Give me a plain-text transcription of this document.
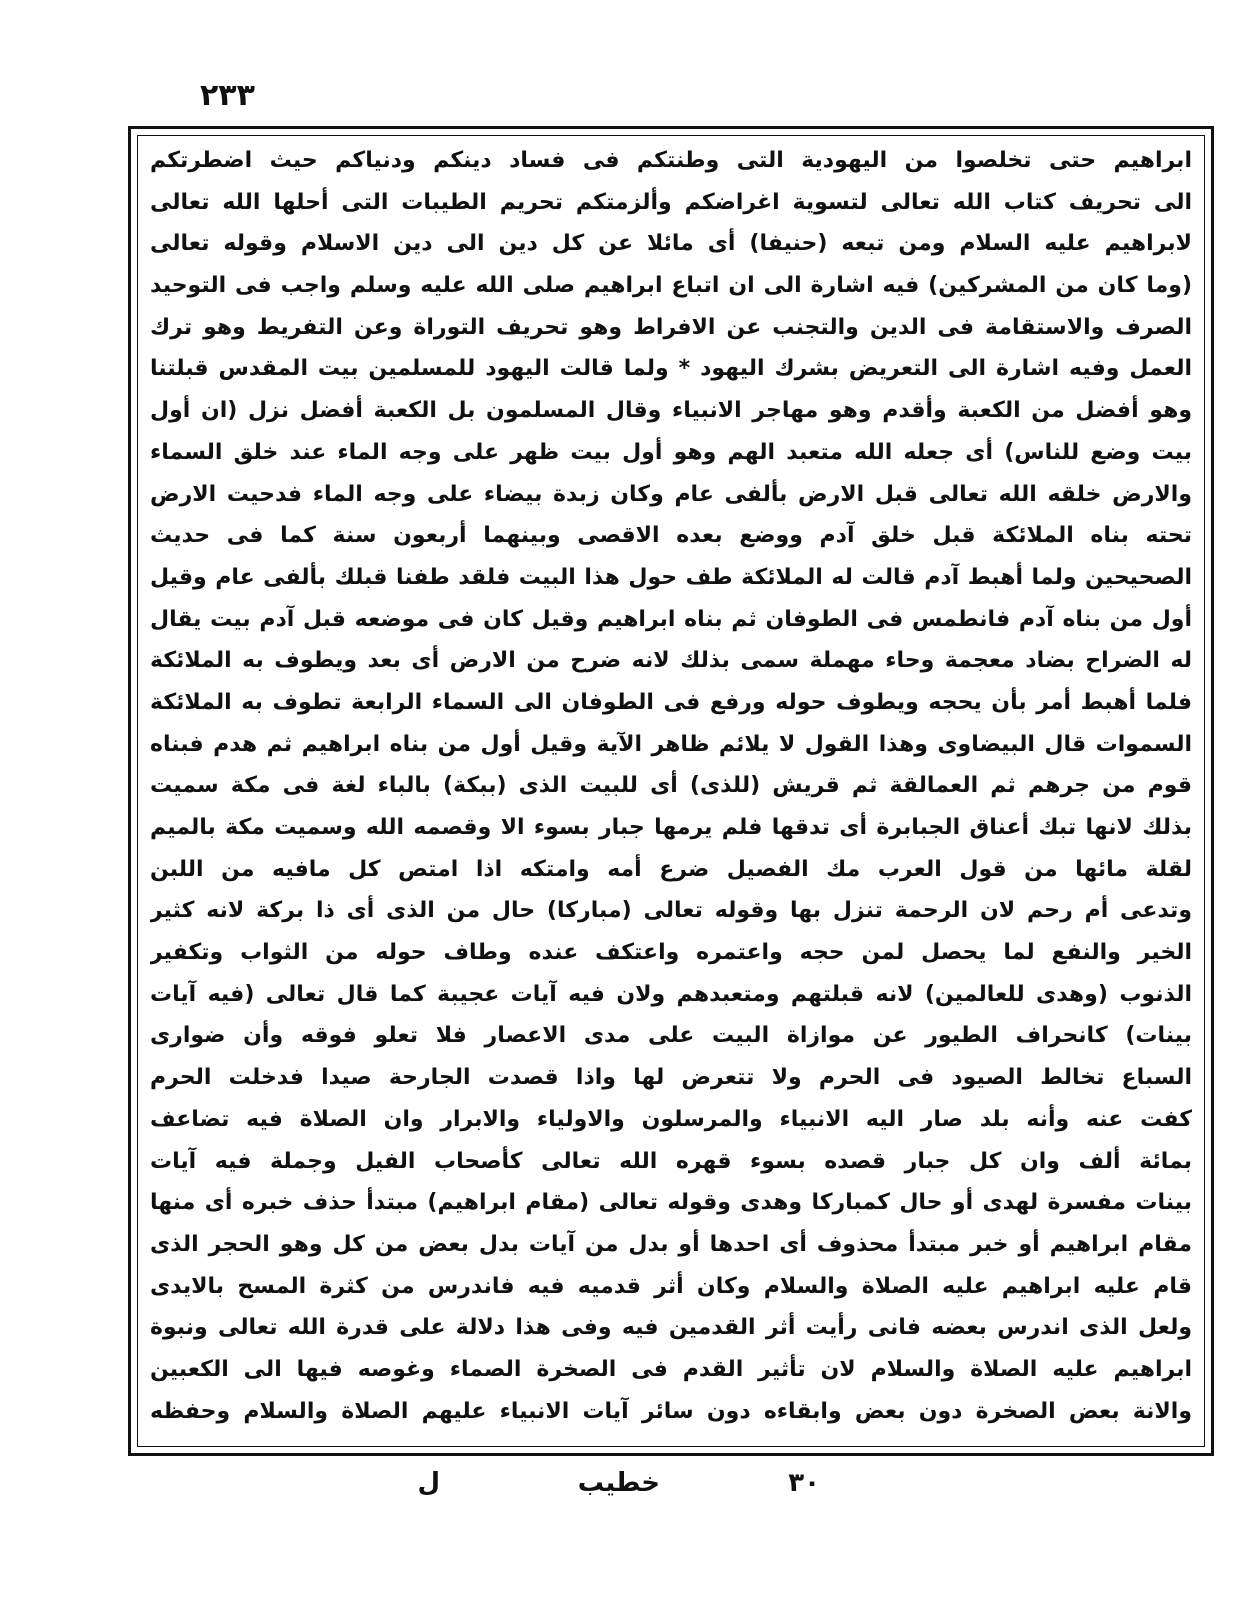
٢٣٣
ابراهيم حتى تخلصوا من اليهودية التى وطنتكم فى فساد دينكم ودنياكم حيث اضطرتكم
الى تحريف كتاب الله تعالى لتسوية اغراضكم وألزمتكم تحريم الطيبات التى أحلها الله تعالى
لابراهيم عليه السلام ومن تبعه (حنيفا) أى مائلا عن كل دين الى دين الاسلام وقوله تعالى
(وما كان من المشركين) فيه اشارة الى ان اتباع ابراهيم صلى الله عليه وسلم واجب فى التوحيد
الصرف والاستقامة فى الدين والتجنب عن الافراط وهو تحريف التوراة وعن التفريط وهو ترك
العمل وفيه اشارة الى التعريض بشرك اليهود * ولما قالت اليهود للمسلمين بيت المقدس قبلتنا
وهو أفضل من الكعبة وأقدم وهو مهاجر الانبياء وقال المسلمون بل الكعبة أفضل نزل (ان أول
بيت وضع للناس) أى جعله الله متعبد الهم وهو أول بيت ظهر على وجه الماء عند خلق السماء
والارض خلقه الله تعالى قبل الارض بألفى عام وكان زبدة بيضاء على وجه الماء فدحيت الارض
تحته بناه الملائكة قبل خلق آدم ووضع بعده الاقصى وبينهما أربعون سنة كما فى حديث
الصحيحين ولما أهبط آدم قالت له الملائكة طف حول هذا البيت فلقد طفنا قبلك بألفى عام وقيل
أول من بناه آدم فانطمس فى الطوفان ثم بناه ابراهيم وقيل كان فى موضعه قبل آدم بيت يقال
له الضراح بضاد معجمة وحاء مهملة سمى بذلك لانه ضرح من الارض أى بعد ويطوف به الملائكة
فلما أهبط أمر بأن يحجه ويطوف حوله ورفع فى الطوفان الى السماء الرابعة تطوف به الملائكة
السموات قال البيضاوى وهذا القول لا يلائم ظاهر الآية وقيل أول من بناه ابراهيم ثم هدم فبناه
قوم من جرهم ثم العمالقة ثم قريش (للذى) أى للبيت الذى (ببكة) بالباء لغة فى مكة سميت
بذلك لانها تبك أعناق الجبابرة أى تدقها فلم يرمها جبار بسوء الا وقصمه الله وسميت مكة بالميم
لقلة مائها من قول العرب مك الفصيل ضرع أمه وامتكه اذا امتص كل مافيه من اللبن
وتدعى أم رحم لان الرحمة تنزل بها وقوله تعالى (مباركا) حال من الذى أى ذا بركة لانه كثير
الخير والنفع لما يحصل لمن حجه واعتمره واعتكف عنده وطاف حوله من الثواب وتكفير
الذنوب (وهدى للعالمين) لانه قبلتهم ومتعبدهم ولان فيه آيات عجيبة كما قال تعالى (فيه آيات
بينات) كانحراف الطيور عن موازاة البيت على مدى الاعصار فلا تعلو فوقه وأن ضوارى
السباع تخالط الصيود فى الحرم ولا تتعرض لها واذا قصدت الجارحة صيدا فدخلت الحرم
كفت عنه وأنه بلد صار اليه الانبياء والمرسلون والاولياء والابرار وان الصلاة فيه تضاعف
بمائة ألف وان كل جبار قصده بسوء قهره الله تعالى كأصحاب الفيل وجملة فيه آيات
بينات مفسرة لهدى أو حال كمباركا وهدى وقوله تعالى (مقام ابراهيم) مبتدأ حذف خبره أى منها
مقام ابراهيم أو خبر مبتدأ محذوف أى احدها أو بدل من آيات بدل بعض من كل وهو الحجر الذى
قام عليه ابراهيم عليه الصلاة والسلام وكان أثر قدميه فيه فاندرس من كثرة المسح بالايدى
ولعل الذى اندرس بعضه فانى رأيت أثر القدمين فيه وفى هذا دلالة على قدرة الله تعالى ونبوة
ابراهيم عليه الصلاة والسلام لان تأثير القدم فى الصخرة الصماء وغوصه فيها الى الكعبين
والانة بعض الصخرة دون بعض وابقاءه دون سائر آيات الانبياء عليهم الصلاة والسلام وحفظه
٣٠
خطيب
ل
